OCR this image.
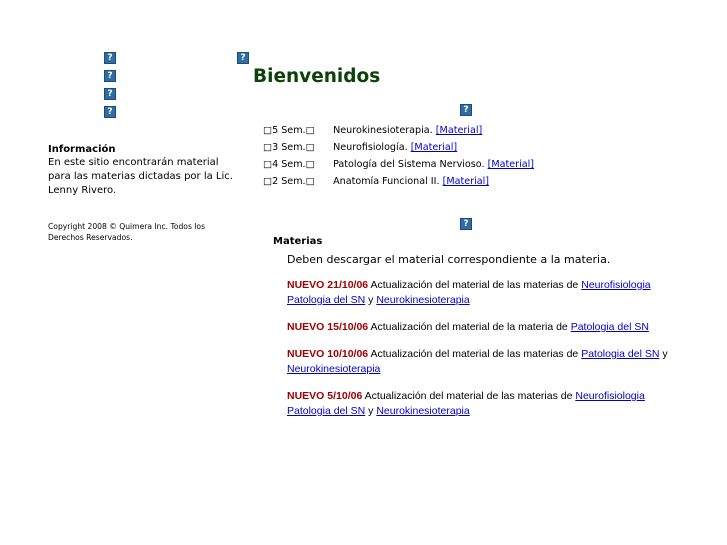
?
?
?
?
?
?
?
Bienvenidos
Información
En este sitio encontrarán material para las materias dictadas por la Lic. Lenny Rivero.
Copyright 2008 © Quimera Inc. Todos los Derechos Reservados.
□5 Sem.□ Neurokinesioterapia. [Material]
□3 Sem.□ Neurofisiología. [Material]
□4 Sem.□ Patología del Sistema Nervioso. [Material]
□2 Sem.□ Anatomía Funcional II. [Material]
Materias
Deben descargar el material correspondiente a la materia.
NUEVO 21/10/06 Actualización del material de las materias de Neurofisiologia Patologia del SN y Neurokinesioterapia
NUEVO 15/10/06 Actualización del material de la materia de Patologia del SN
NUEVO 10/10/06 Actualización del material de las materias de Patologia del SN y Neurokinesioterapia
NUEVO 5/10/06 Actualización del material de las materias de Neurofisiologia Patologia del SN y Neurokinesioterapia
